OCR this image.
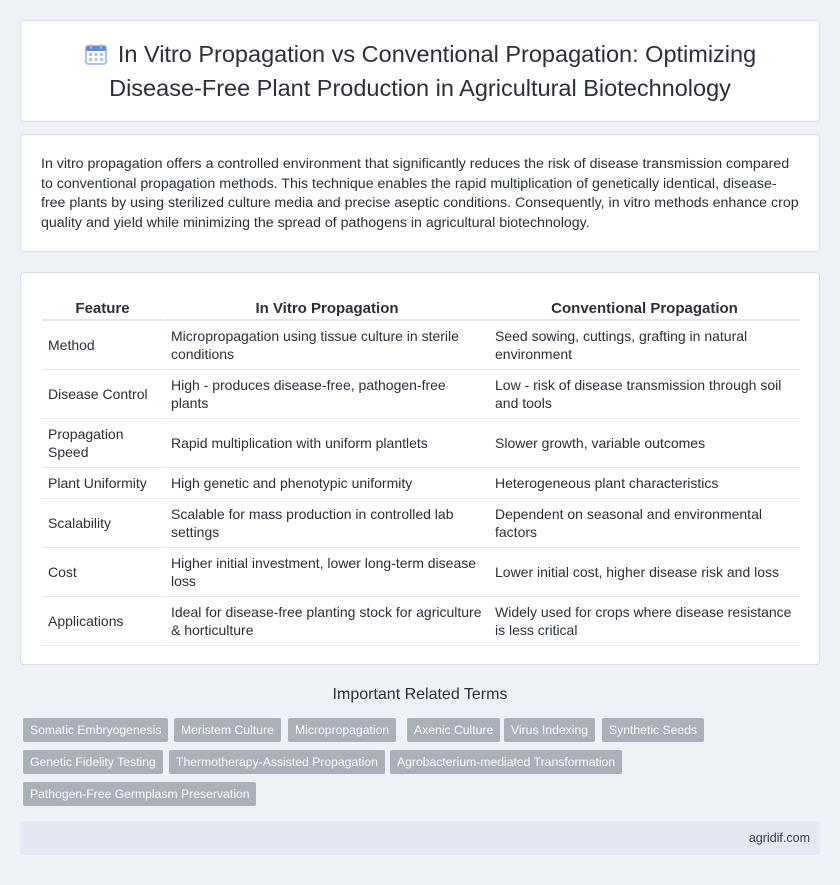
In Vitro Propagation vs Conventional Propagation: Optimizing Disease-Free Plant Production in Agricultural Biotechnology

In vitro propagation offers a controlled environment that significantly reduces the risk of disease transmission compared to conventional propagation methods. This technique enables the rapid multiplication of genetically identical, disease-free plants by using sterilized culture media and precise aseptic conditions. Consequently, in vitro methods enhance crop quality and yield while minimizing the spread of pathogens in agricultural biotechnology.

Feature	In Vitro Propagation	Conventional Propagation
Method	Micropropagation using tissue culture in sterile conditions	Seed sowing, cuttings, grafting in natural environment
Disease Control	High - produces disease-free, pathogen-free plants	Low - risk of disease transmission through soil and tools
Propagation Speed	Rapid multiplication with uniform plantlets	Slower growth, variable outcomes
Plant Uniformity	High genetic and phenotypic uniformity	Heterogeneous plant characteristics
Scalability	Scalable for mass production in controlled lab settings	Dependent on seasonal and environmental factors
Cost	Higher initial investment, lower long-term disease loss	Lower initial cost, higher disease risk and loss
Applications	Ideal for disease-free planting stock for agriculture & horticulture	Widely used for crops where disease resistance is less critical
Important Related Terms
Somatic Embryogenesis	Meristem Culture	Micropropagation	Axenic Culture	Virus Indexing	Synthetic Seeds
Genetic Fidelity Testing	Thermotherapy-Assisted Propagation	Agrobacterium-mediated Transformation
Pathogen-Free Germplasm Preservation
agridif.com
